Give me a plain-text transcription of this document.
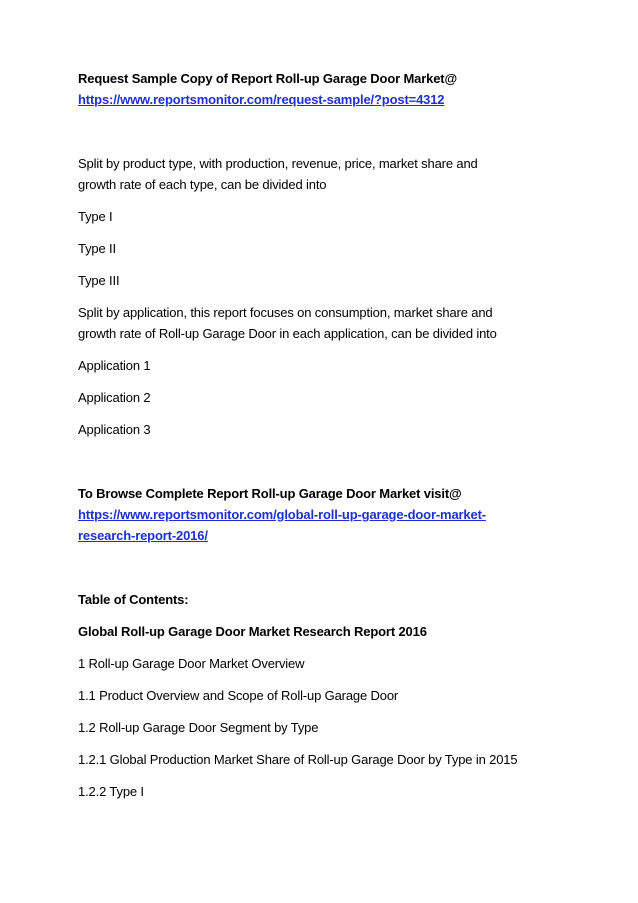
Request Sample Copy of Report Roll-up Garage Door Market@
https://www.reportsmonitor.com/request-sample/?post=4312
Split by product type, with production, revenue, price, market share and
growth rate of each type, can be divided into
Type I
Type II
Type III
Split by application, this report focuses on consumption, market share and
growth rate of Roll-up Garage Door in each application, can be divided into
Application 1
Application 2
Application 3
To Browse Complete Report Roll-up Garage Door Market visit@
https://www.reportsmonitor.com/global-roll-up-garage-door-market-
research-report-2016/
Table of Contents:
Global Roll-up Garage Door Market Research Report 2016
1 Roll-up Garage Door Market Overview
1.1 Product Overview and Scope of Roll-up Garage Door
1.2 Roll-up Garage Door Segment by Type
1.2.1 Global Production Market Share of Roll-up Garage Door by Type in 2015
1.2.2 Type I
